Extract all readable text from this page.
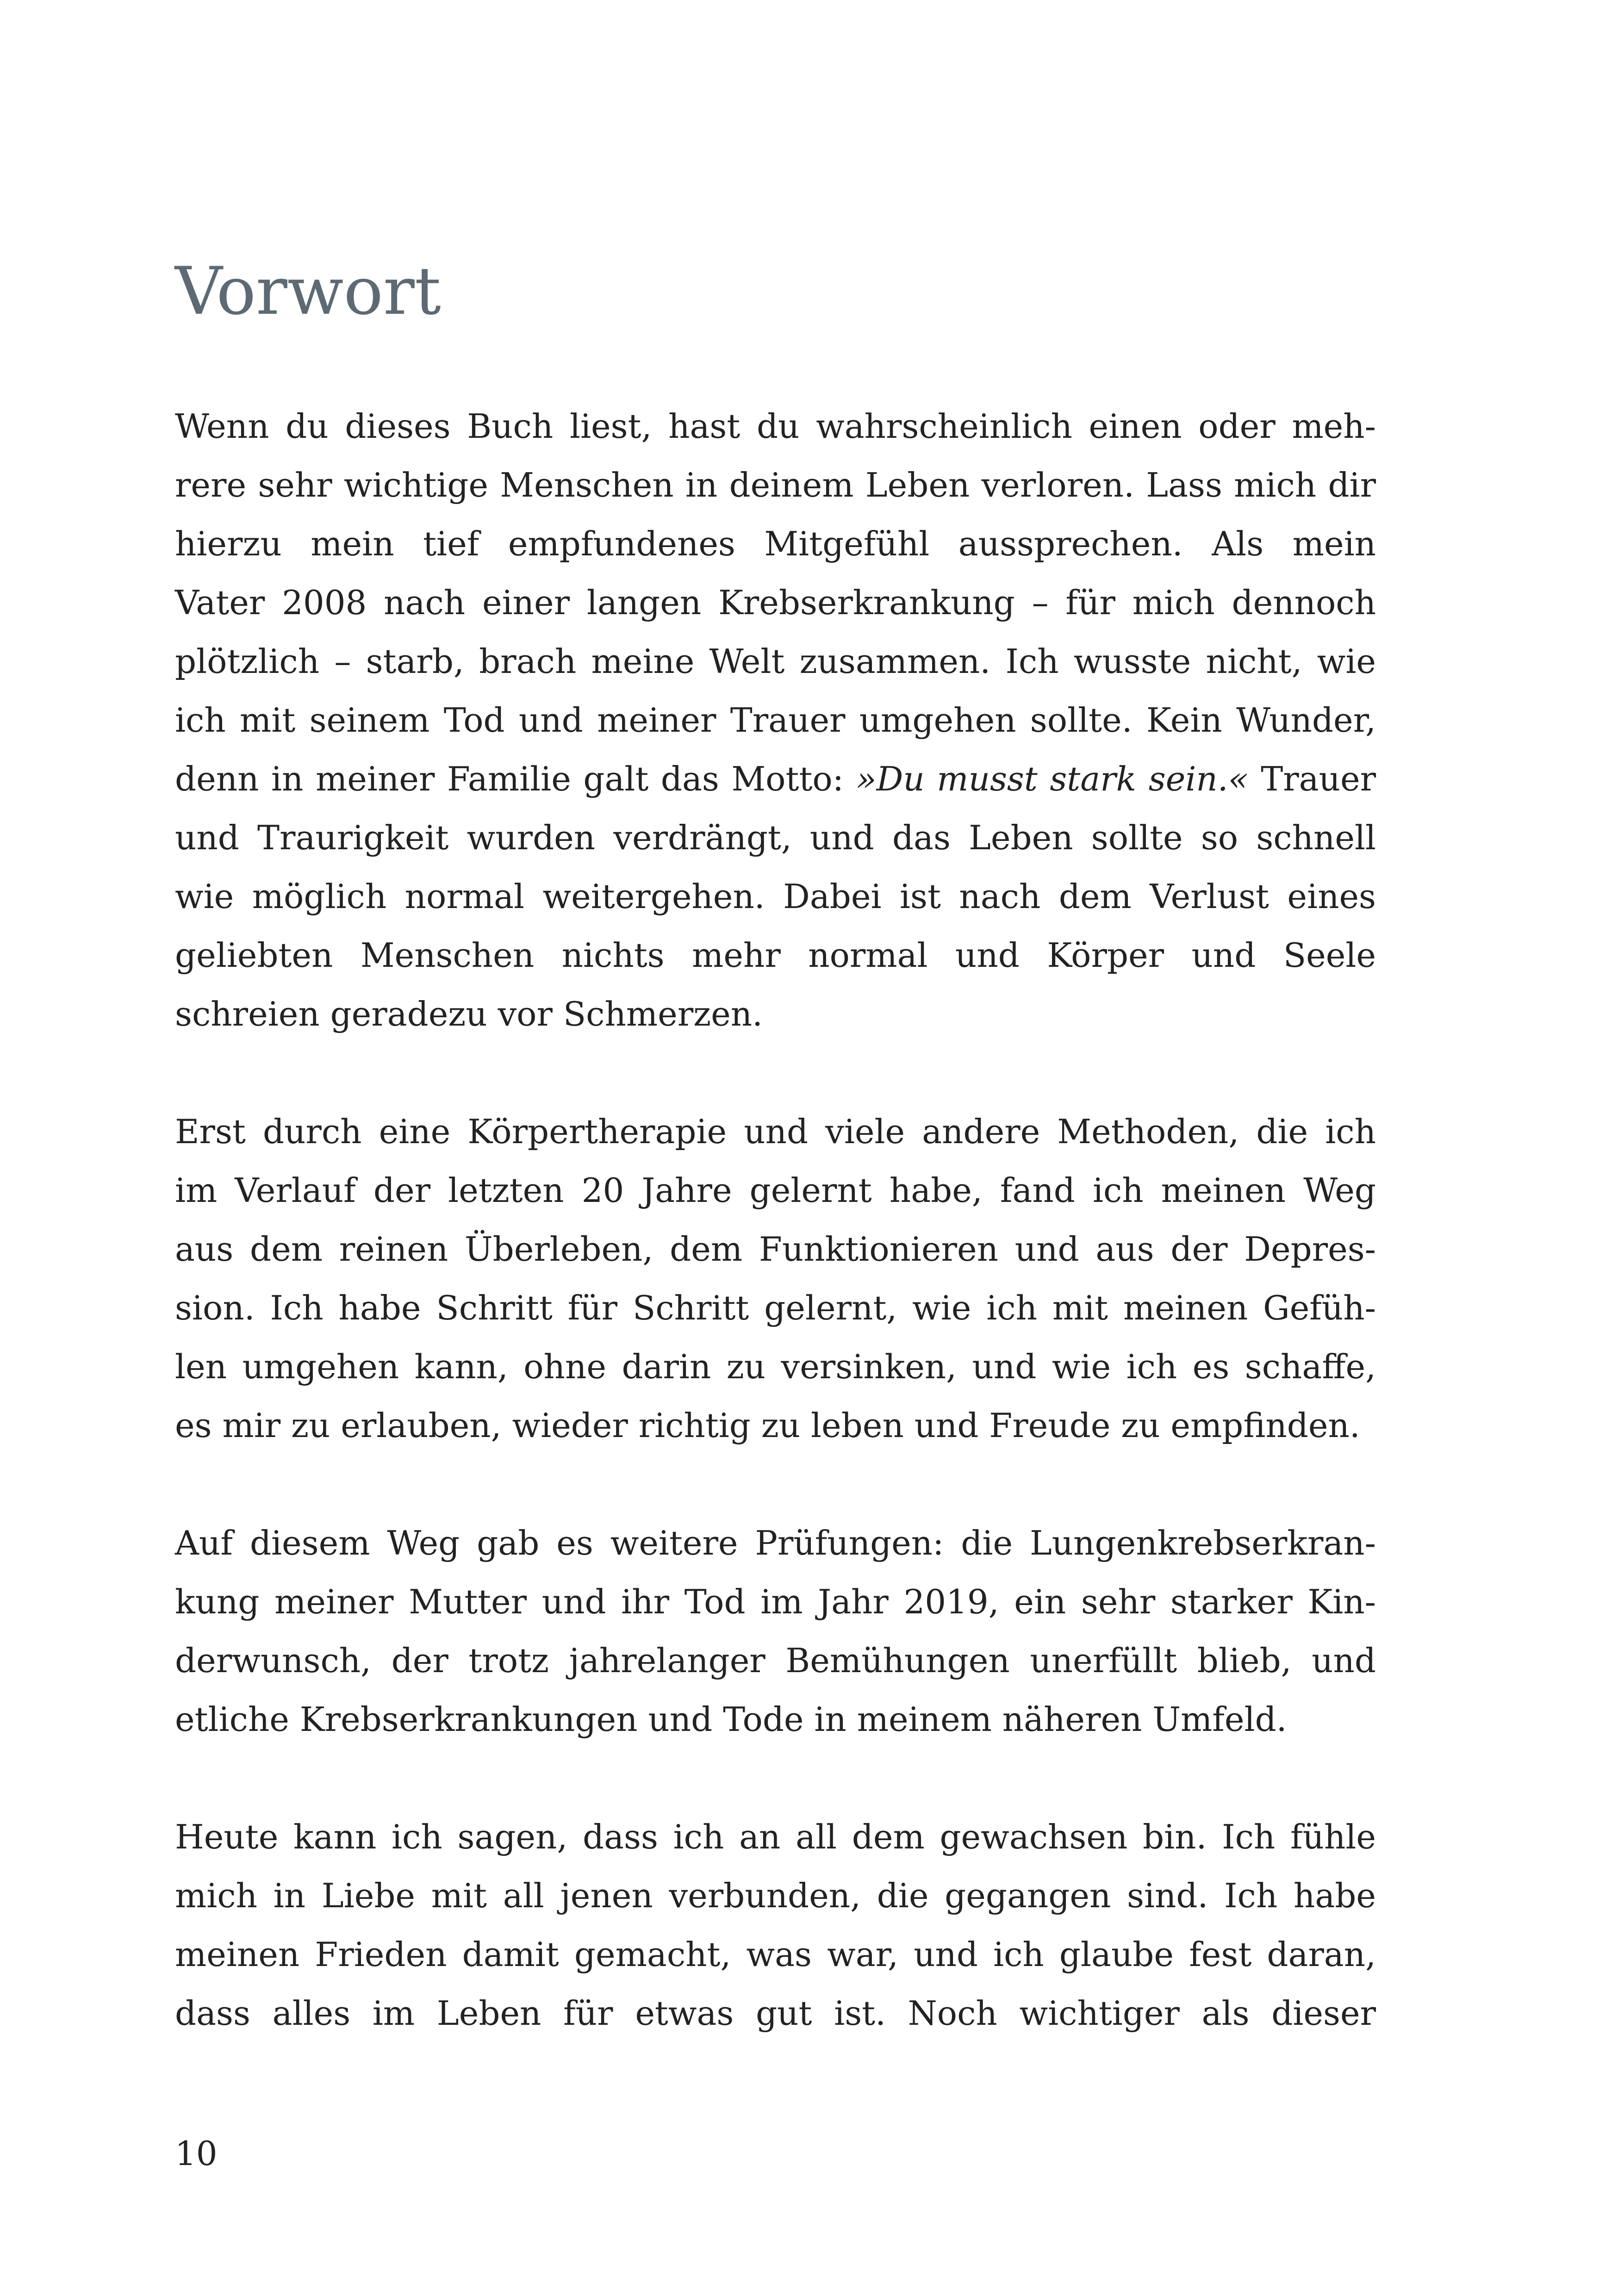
Vorwort

Wenn du dieses Buch liest, hast du wahrscheinlich einen oder meh-
rere sehr wichtige Menschen in deinem Leben verloren. Lass mich dir
hierzu mein tief empfundenes Mitgefühl aussprechen. Als mein
Vater 2008 nach einer langen Krebserkrankung – für mich dennoch
plötzlich – starb, brach meine Welt zusammen. Ich wusste nicht, wie
ich mit seinem Tod und meiner Trauer umgehen sollte. Kein Wunder,
denn in meiner Familie galt das Motto: »Du musst stark sein.« Trauer
und Traurigkeit wurden verdrängt, und das Leben sollte so schnell
wie möglich normal weitergehen. Dabei ist nach dem Verlust eines
geliebten Menschen nichts mehr normal und Körper und Seele
schreien geradezu vor Schmerzen.

Erst durch eine Körpertherapie und viele andere Methoden, die ich
im Verlauf der letzten 20 Jahre gelernt habe, fand ich meinen Weg
aus dem reinen Überleben, dem Funktionieren und aus der Depres-
sion. Ich habe Schritt für Schritt gelernt, wie ich mit meinen Gefüh-
len umgehen kann, ohne darin zu versinken, und wie ich es schaffe,
es mir zu erlauben, wieder richtig zu leben und Freude zu empfinden.

Auf diesem Weg gab es weitere Prüfungen: die Lungenkrebserkran-
kung meiner Mutter und ihr Tod im Jahr 2019, ein sehr starker Kin-
derwunsch, der trotz jahrelanger Bemühungen unerfüllt blieb, und
etliche Krebserkrankungen und Tode in meinem näheren Umfeld.

Heute kann ich sagen, dass ich an all dem gewachsen bin. Ich fühle
mich in Liebe mit all jenen verbunden, die gegangen sind. Ich habe
meinen Frieden damit gemacht, was war, und ich glaube fest daran,
dass alles im Leben für etwas gut ist. Noch wichtiger als dieser

10
